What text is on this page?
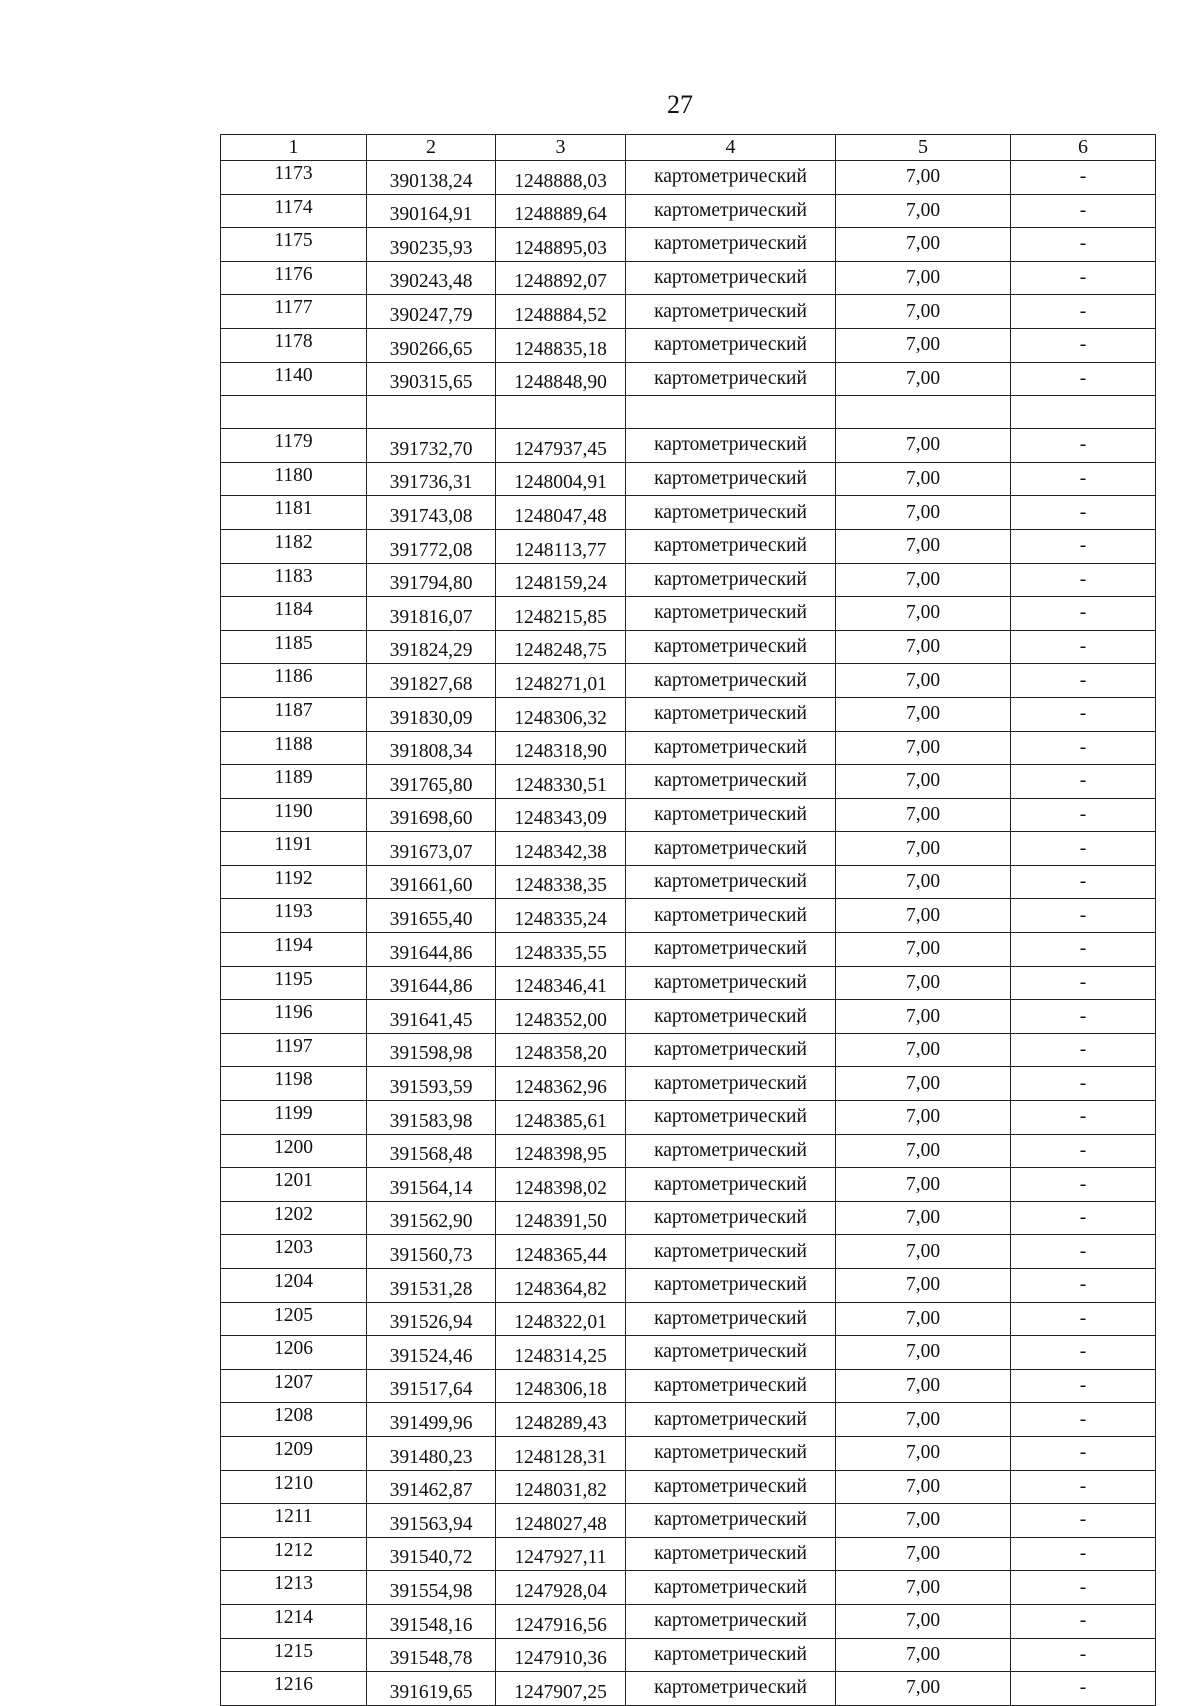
27
1	2	3	4	5	6
1173	390138,24	1248888,03	картометрический	7,00	-
1174	390164,91	1248889,64	картометрический	7,00	-
1175	390235,93	1248895,03	картометрический	7,00	-
1176	390243,48	1248892,07	картометрический	7,00	-
1177	390247,79	1248884,52	картометрический	7,00	-
1178	390266,65	1248835,18	картометрический	7,00	-
1140	390315,65	1248848,90	картометрический	7,00	-

1179	391732,70	1247937,45	картометрический	7,00	-
1180	391736,31	1248004,91	картометрический	7,00	-
1181	391743,08	1248047,48	картометрический	7,00	-
1182	391772,08	1248113,77	картометрический	7,00	-
1183	391794,80	1248159,24	картометрический	7,00	-
1184	391816,07	1248215,85	картометрический	7,00	-
1185	391824,29	1248248,75	картометрический	7,00	-
1186	391827,68	1248271,01	картометрический	7,00	-
1187	391830,09	1248306,32	картометрический	7,00	-
1188	391808,34	1248318,90	картометрический	7,00	-
1189	391765,80	1248330,51	картометрический	7,00	-
1190	391698,60	1248343,09	картометрический	7,00	-
1191	391673,07	1248342,38	картометрический	7,00	-
1192	391661,60	1248338,35	картометрический	7,00	-
1193	391655,40	1248335,24	картометрический	7,00	-
1194	391644,86	1248335,55	картометрический	7,00	-
1195	391644,86	1248346,41	картометрический	7,00	-
1196	391641,45	1248352,00	картометрический	7,00	-
1197	391598,98	1248358,20	картометрический	7,00	-
1198	391593,59	1248362,96	картометрический	7,00	-
1199	391583,98	1248385,61	картометрический	7,00	-
1200	391568,48	1248398,95	картометрический	7,00	-
1201	391564,14	1248398,02	картометрический	7,00	-
1202	391562,90	1248391,50	картометрический	7,00	-
1203	391560,73	1248365,44	картометрический	7,00	-
1204	391531,28	1248364,82	картометрический	7,00	-
1205	391526,94	1248322,01	картометрический	7,00	-
1206	391524,46	1248314,25	картометрический	7,00	-
1207	391517,64	1248306,18	картометрический	7,00	-
1208	391499,96	1248289,43	картометрический	7,00	-
1209	391480,23	1248128,31	картометрический	7,00	-
1210	391462,87	1248031,82	картометрический	7,00	-
1211	391563,94	1248027,48	картометрический	7,00	-
1212	391540,72	1247927,11	картометрический	7,00	-
1213	391554,98	1247928,04	картометрический	7,00	-
1214	391548,16	1247916,56	картометрический	7,00	-
1215	391548,78	1247910,36	картометрический	7,00	-
1216	391619,65	1247907,25	картометрический	7,00	-
